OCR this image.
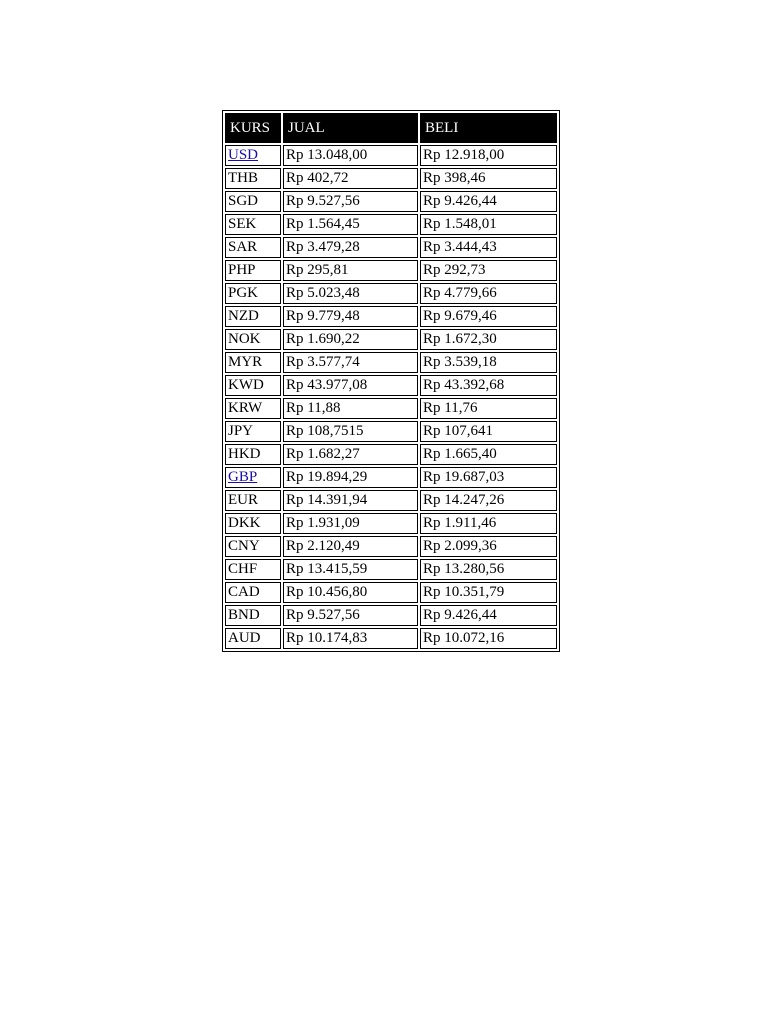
KURS	JUAL	BELI
USD	Rp 13.048,00	Rp 12.918,00
THB	Rp 402,72	Rp 398,46
SGD	Rp 9.527,56	Rp 9.426,44
SEK	Rp 1.564,45	Rp 1.548,01
SAR	Rp 3.479,28	Rp 3.444,43
PHP	Rp 295,81	Rp 292,73
PGK	Rp 5.023,48	Rp 4.779,66
NZD	Rp 9.779,48	Rp 9.679,46
NOK	Rp 1.690,22	Rp 1.672,30
MYR	Rp 3.577,74	Rp 3.539,18
KWD	Rp 43.977,08	Rp 43.392,68
KRW	Rp 11,88	Rp 11,76
JPY	Rp 108,7515	Rp 107,641
HKD	Rp 1.682,27	Rp 1.665,40
GBP	Rp 19.894,29	Rp 19.687,03
EUR	Rp 14.391,94	Rp 14.247,26
DKK	Rp 1.931,09	Rp 1.911,46
CNY	Rp 2.120,49	Rp 2.099,36
CHF	Rp 13.415,59	Rp 13.280,56
CAD	Rp 10.456,80	Rp 10.351,79
BND	Rp 9.527,56	Rp 9.426,44
AUD	Rp 10.174,83	Rp 10.072,16
